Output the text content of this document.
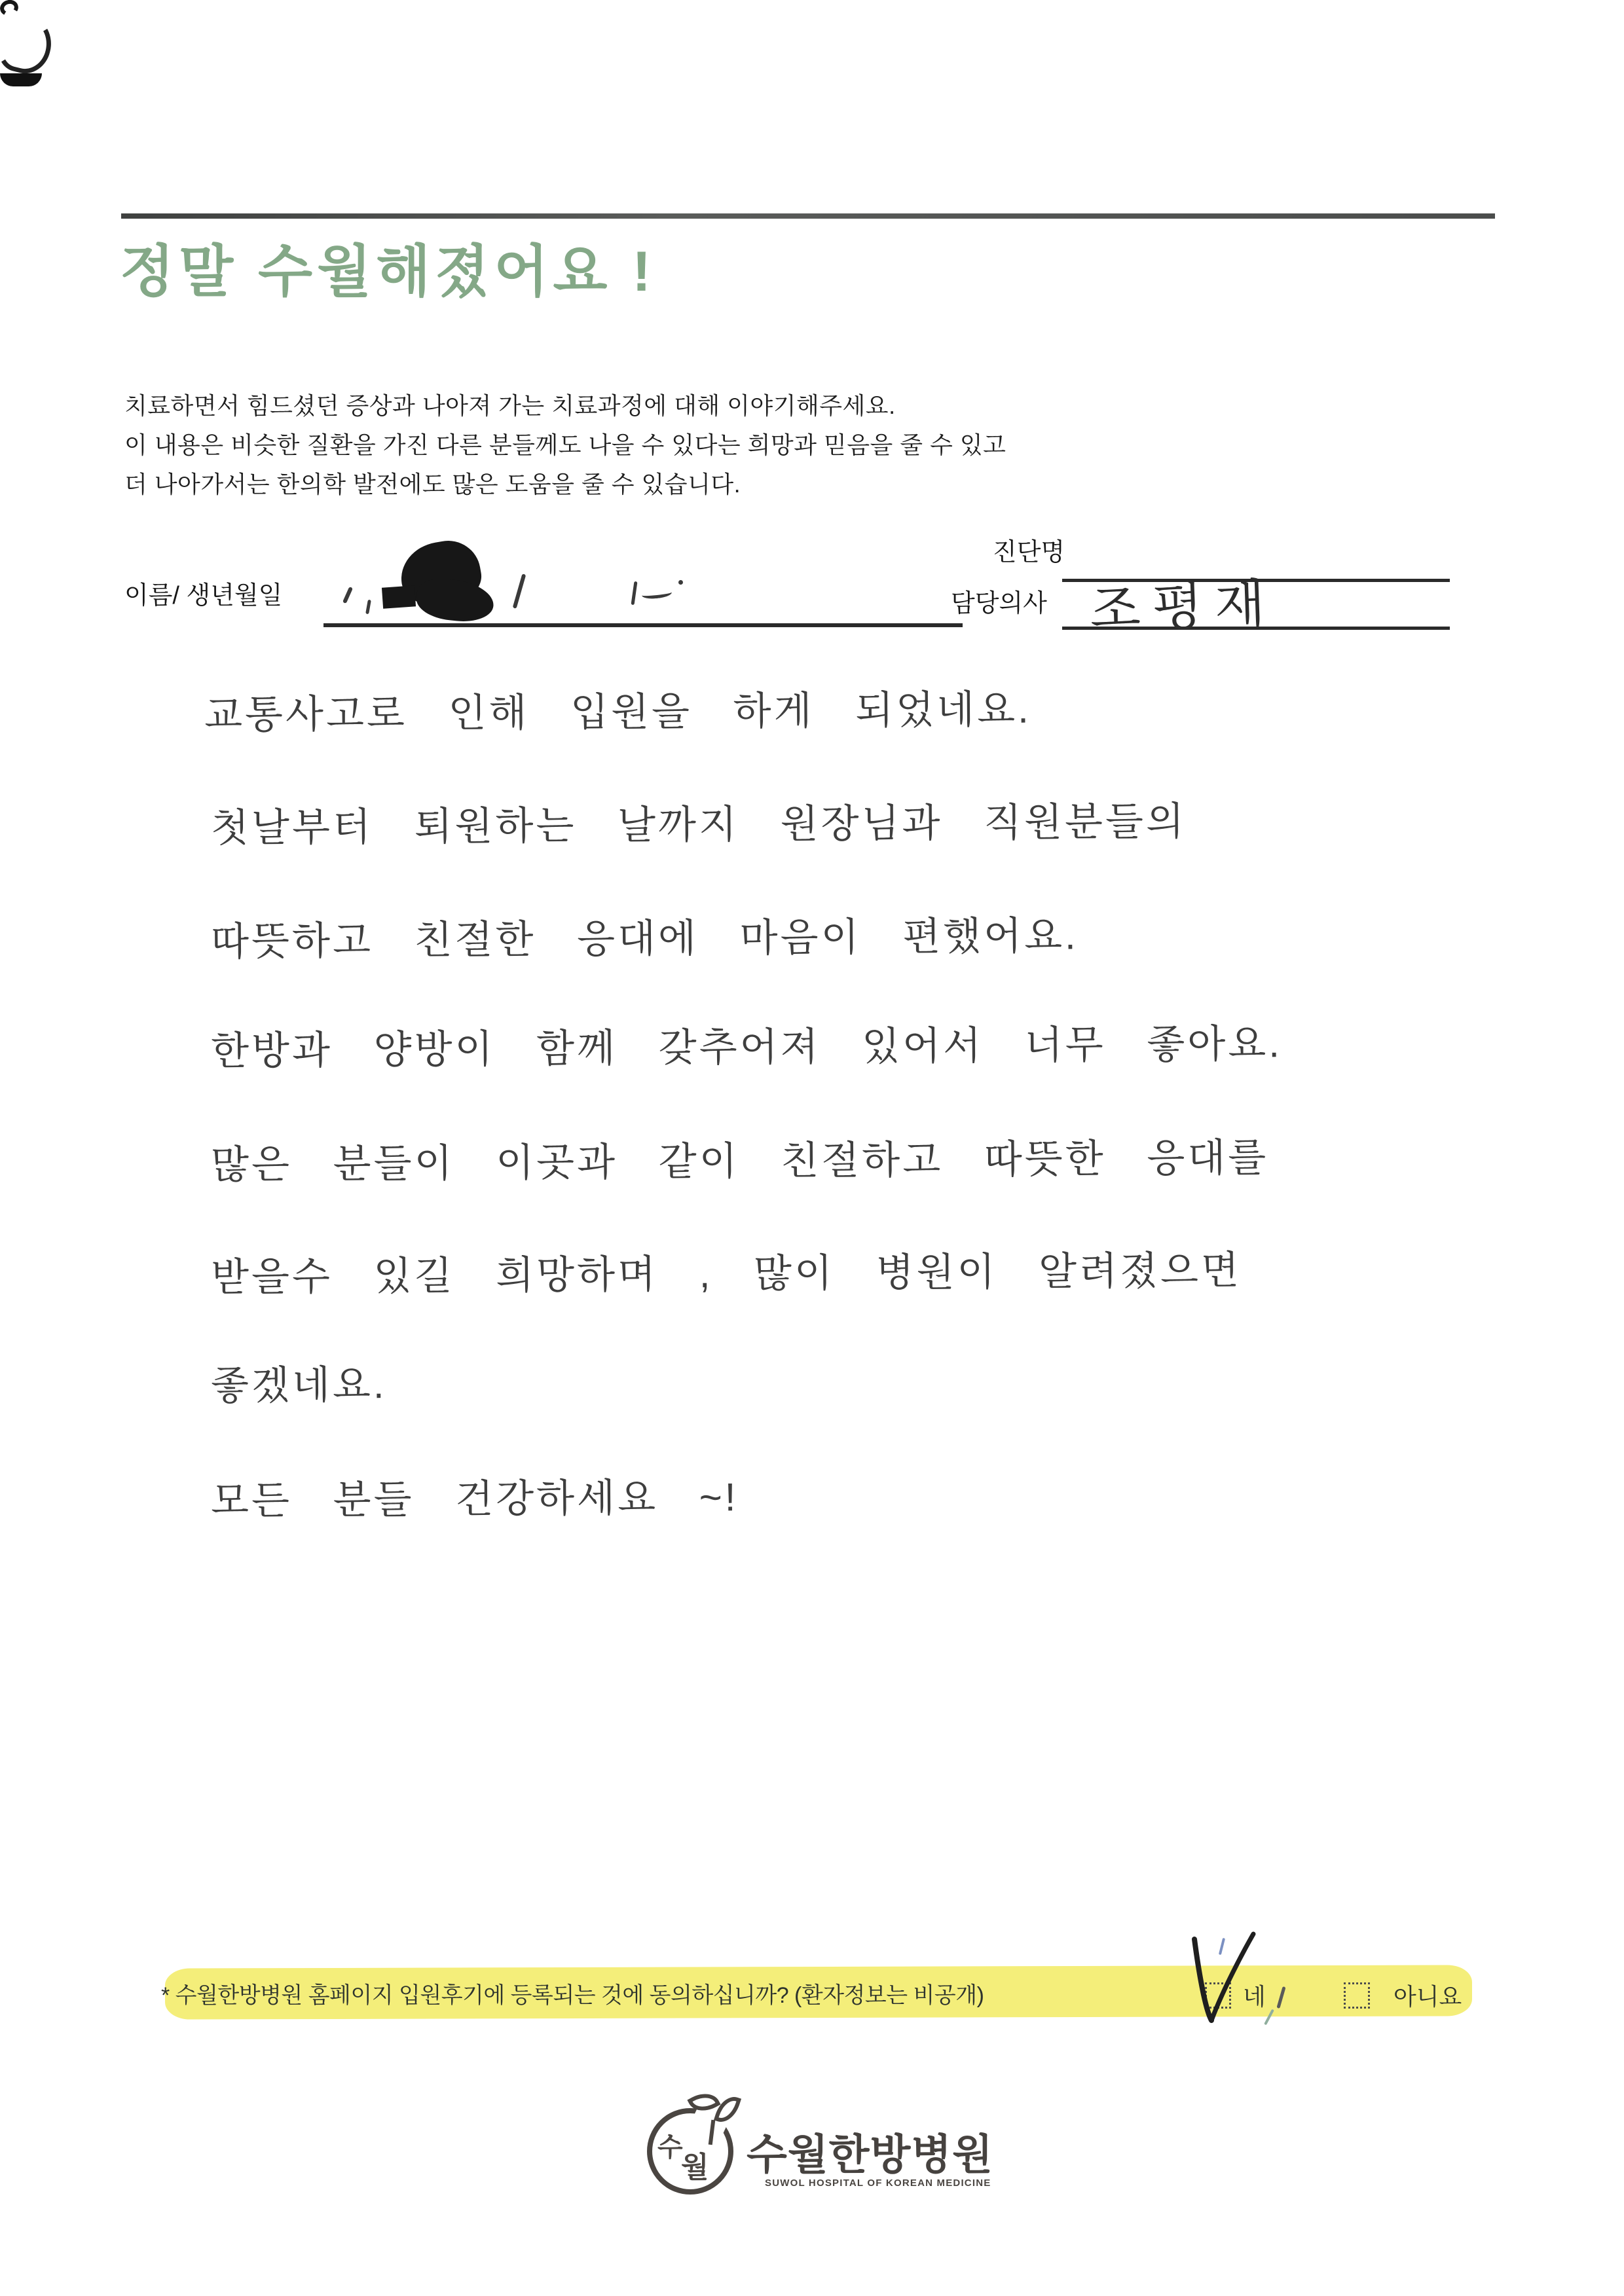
정말 수월해졌어요 !
치료하면서 힘드셨던 증상과 나아져 가는 치료과정에 대해 이야기해주세요.
이 내용은 비슷한 질환을 가진 다른 분들께도 나을 수 있다는 희망과 믿음을 줄 수 있고
더 나아가서는 한의학 발전에도 많은 도움을 줄 수 있습니다.
이름/ 생년월일
진단명
담당의사 조평재
교통사고로 인해 입원을 하게 되었네요.
첫날부터 퇴원하는 날까지 원장님과 직원분들의
따뜻하고 친절한 응대에 마음이 편했어요.
한방과 양방이 함께 갖추어져 있어서 너무 좋아요.
많은 분들이 이곳과 같이 친절하고 따뜻한 응대를
받을수 있길 희망하며 , 많이 병원이 알려졌으면
좋겠네요.
모든 분들 건강하세요 ~!
* 수월한방병원 홈페이지 입원후기에 등록되는 것에 동의하십니까? (환자정보는 비공개)	네	아니요
수
월 수월한방병원
SUWOL HOSPITAL OF KOREAN MEDICINE
